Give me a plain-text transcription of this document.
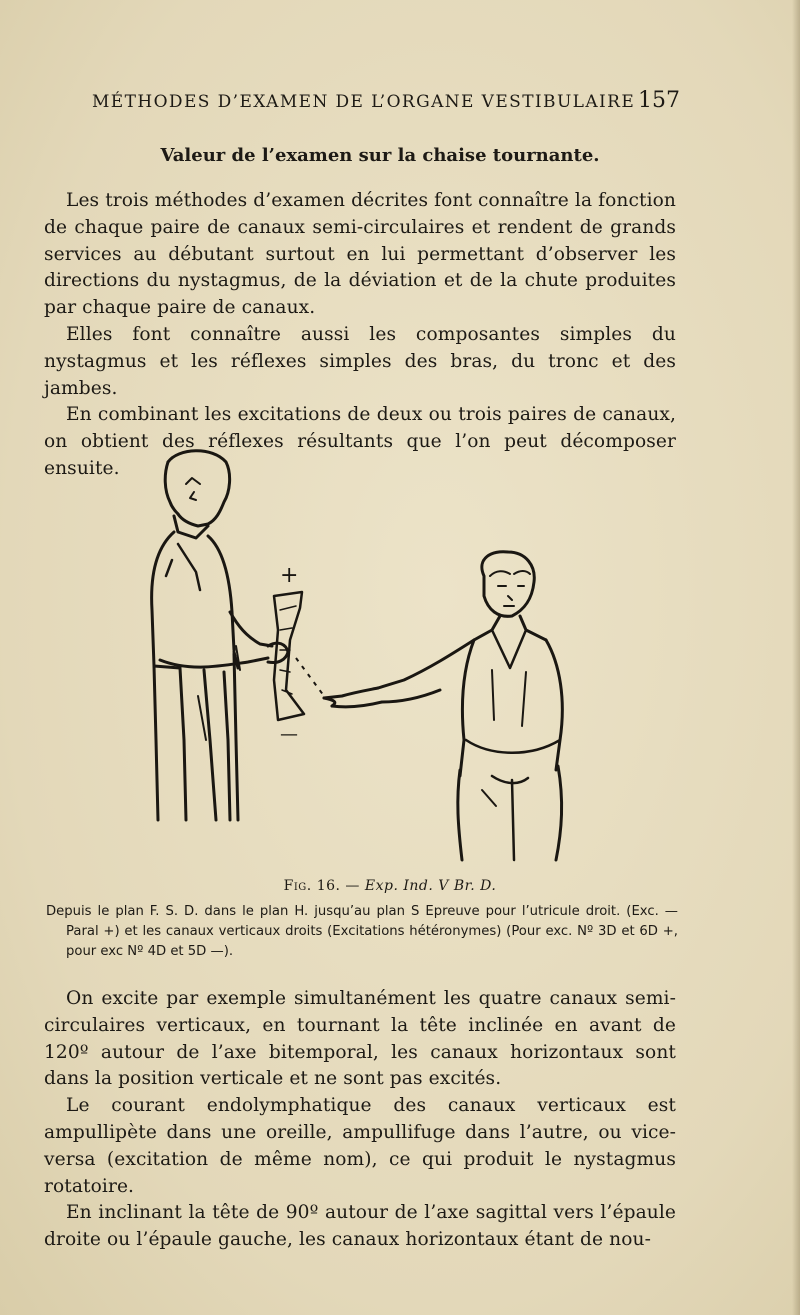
MÉTHODES D’EXAMEN DE L’ORGANE VESTIBULAIRE 157
Valeur de l’examen sur la chaise tournante.

Les trois méthodes d’examen décrites font connaître la fonction de chaque paire de canaux semi-circulaires et rendent de grands services au débutant surtout en lui permettant d’observer les directions du nystagmus, de la déviation et de la chute produites par chaque paire de canaux.

Elles font connaître aussi les composantes simples du nystagmus et les réflexes simples des bras, du tronc et des jambes.

En combinant les excitations de deux ou trois paires de canaux, on obtient des réflexes résultants que l’on peut décomposer ensuite.

+
—
Fig. 16. — Exp. Ind. V Br. D.

Depuis le plan F. S. D. dans le plan H. jusqu’au plan S Epreuve pour l’utricule droit. (Exc. — Paral +) et les canaux verticaux droits (Excitations hétéronymes) (Pour exc. Nº 3D et 6D +, pour exc Nº 4D et 5D —).

On excite par exemple simultanément les quatre canaux semi-circulaires verticaux, en tournant la tête inclinée en avant de 120º autour de l’axe bitemporal, les canaux horizontaux sont dans la position verticale et ne sont pas excités.

Le courant endolymphatique des canaux verticaux est ampullipète dans une oreille, ampullifuge dans l’autre, ou vice-versa (excitation de même nom), ce qui produit le nystagmus rotatoire.

En inclinant la tête de 90º autour de l’axe sagittal vers l’épaule droite ou l’épaule gauche, les canaux horizontaux étant de nou-
